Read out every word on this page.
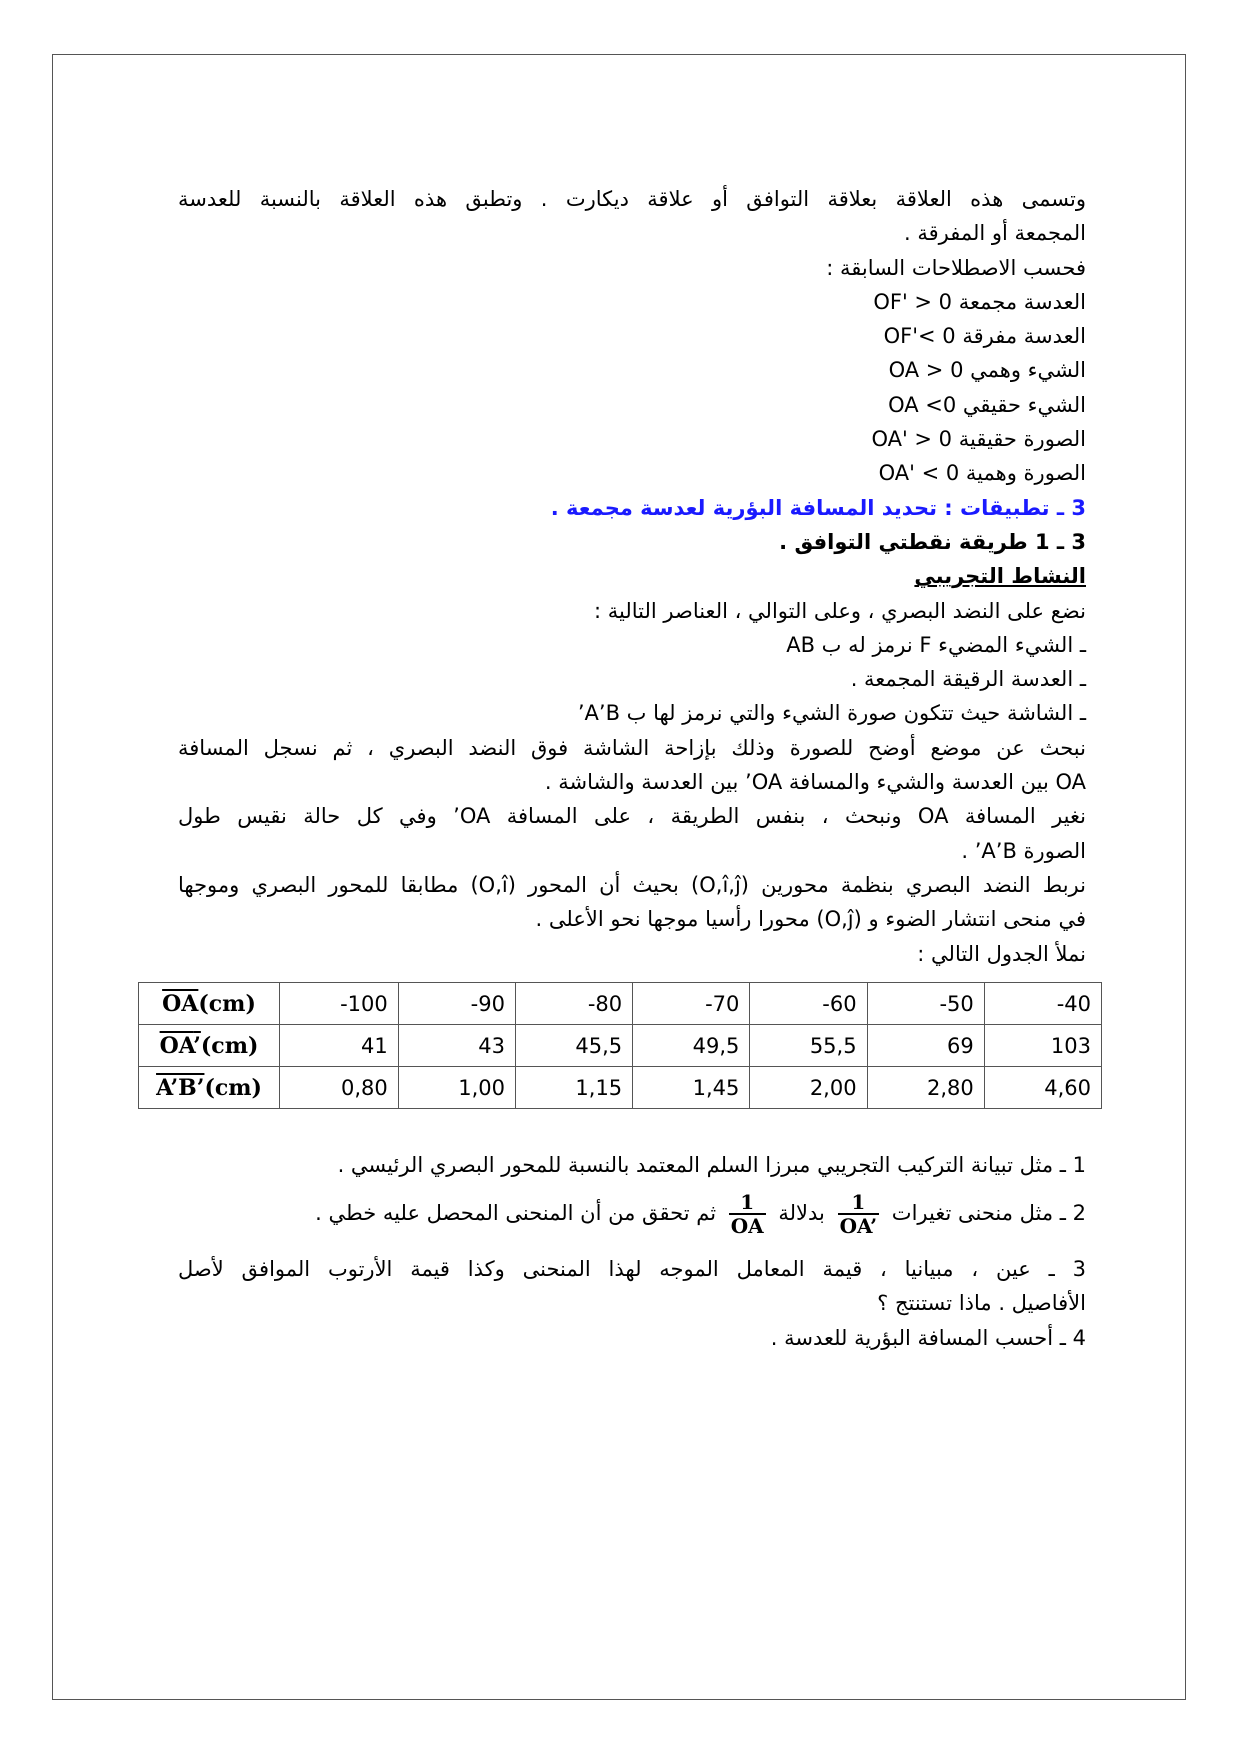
وتسمى هذه العلاقة بعلاقة التوافق أو علاقة ديكارت . وتطبق هذه العلاقة بالنسبة للعدسة
المجمعة أو المفرقة .
فحسب الاصطلاحات السابقة :
العدسة مجمعة OF' > 0
العدسة مفرقة OF'< 0
الشيء وهمي OA > 0
الشيء حقيقي OA <0
الصورة حقيقية OA' > 0
الصورة وهمية OA' < 0
3 ـ تطبيقات : تحديد المسافة البؤرية لعدسة مجمعة .
3 ـ 1 طريقة نقطتي التوافق .
النشاط التجريبي
نضع على النضد البصري ، وعلى التوالي ، العناصر التالية :
ـ الشيء المضيء F نرمز له ب AB
ـ العدسة الرقيقة المجمعة .
ـ الشاشة حيث تتكون صورة الشيء والتي نرمز لها ب A’B’
نبحث عن موضع أوضح للصورة وذلك بإزاحة الشاشة فوق النضد البصري ، ثم نسجل المسافة
OA بين العدسة والشيء والمسافة OA’ بين العدسة والشاشة .
نغير المسافة OA ونبحث ، بنفس الطريقة ، على المسافة OA’ وفي كل حالة نقيس طول
الصورة A’B’ .
نربط النضد البصري بنظمة محورين (O,î,ĵ) بحيث أن المحور (O,î) مطابقا للمحور البصري وموجها
في منحى انتشار الضوء و (O,ĵ) محورا رأسيا موجها نحو الأعلى .
نملأ الجدول التالي :
$\overline{OA}(cm)$	-100	-90	-80	-70	-60	-50	-40
OA’(cm)	41	43	45,5	49,5	55,5	69	103
A’B’(cm)	0,80	1,00	1,15	1,45	2,00	2,80	4,60
1 ـ مثل تبيانة التركيب التجريبي مبرزا السلم المعتمد بالنسبة للمحور البصري الرئيسي .
2 ـ مثل منحنى تغيرات
$\frac{1}{OA’}$
بدلالة
$\frac{1}{OA}$
ثم تحقق من أن المنحنى المحصل عليه خطي .
3 ـ عين ، مبيانيا ، قيمة المعامل الموجه لهذا المنحنى وكذا قيمة الأرتوب الموافق لأصل
الأفاصيل . ماذا تستنتج ؟
4 ـ أحسب المسافة البؤرية للعدسة .
